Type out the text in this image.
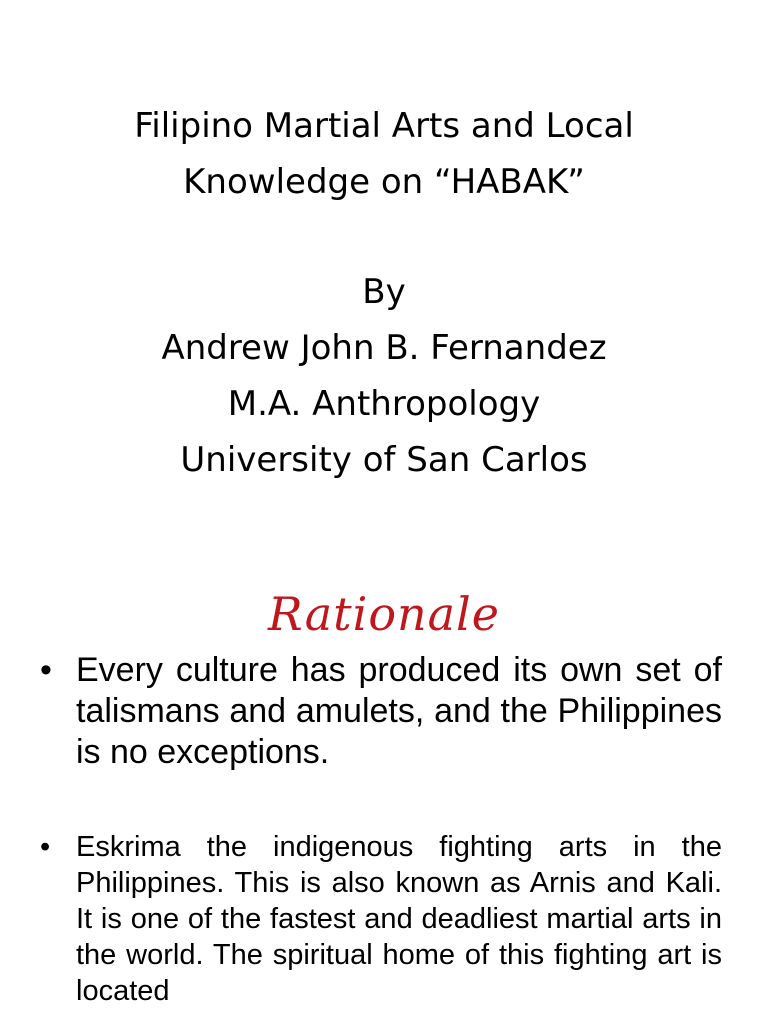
Filipino Martial Arts and Local
Knowledge on “HABAK”
By
Andrew John B. Fernandez
M.A. Anthropology
University of San Carlos
Rationale
• Every culture has produced its own set of talismans and amulets, and the Philippines is no exceptions.
• Eskrima the indigenous fighting arts in the Philippines. This is also known as Arnis and Kali. It is one of the fastest and deadliest martial arts in the world. The spiritual home of this fighting art is located
